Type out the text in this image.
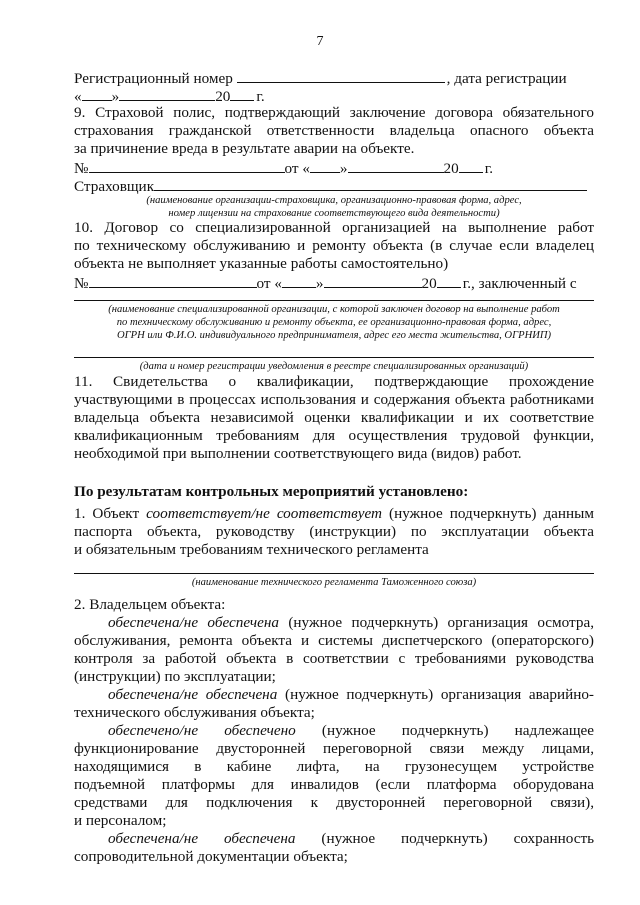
7
Регистрационный номер	, дата регистрации
« »	20 г.
9. Страховой полис, подтверждающий заключение договора обязательного
страхования гражданской ответственности владельца опасного объекта
за причинение вреда в результате аварии на объекте.
№	от « »	20 г.
Страховщик
(наименование организации-страховщика, организационно-правовая форма, адрес,
номер лицензии на страхование соответствующего вида деятельности)
10. Договор со специализированной организацией на выполнение работ
по техническому обслуживанию и ремонту объекта (в случае если владелец
объекта не выполняет указанные работы самостоятельно)
№	от « »	20 г., заключенный с
(наименование специализированной организации, с которой заключен договор на выполнение работ
по техническому обслуживанию и ремонту объекта, ее организационно-правовая форма, адрес,
ОГРН или Ф.И.О. индивидуального предпринимателя, адрес его места жительства, ОГРНИП)
(дата и номер регистрации уведомления в реестре специализированных организаций)
11. Свидетельства о квалификации, подтверждающие прохождение
участвующими в процессах использования и содержания объекта работниками
владельца объекта независимой оценки квалификации и их соответствие
квалификационным требованиям для осуществления трудовой функции,
необходимой при выполнении соответствующего вида (видов) работ.
По результатам контрольных мероприятий установлено:
1. Объект соответствует/не соответствует (нужное подчеркнуть) данным
паспорта объекта, руководству (инструкции) по эксплуатации объекта
и обязательным требованиям технического регламента
(наименование технического регламента Таможенного союза)
2. Владельцем объекта:
обеспечена/не обеспечена (нужное подчеркнуть) организация осмотра,
обслуживания, ремонта объекта и системы диспетчерского (операторского)
контроля за работой объекта в соответствии с требованиями руководства
(инструкции) по эксплуатации;
обеспечена/не обеспечена (нужное подчеркнуть) организация аварийно-
технического обслуживания объекта;
обеспечено/не обеспечено (нужное подчеркнуть) надлежащее
функционирование двусторонней переговорной связи между лицами,
находящимися в кабине лифта, на грузонесущем устройстве
подъемной платформы для инвалидов (если платформа оборудована
средствами для подключения к двусторонней переговорной связи),
и персоналом;
обеспечена/не обеспечена (нужное подчеркнуть) сохранность
сопроводительной документации объекта;
